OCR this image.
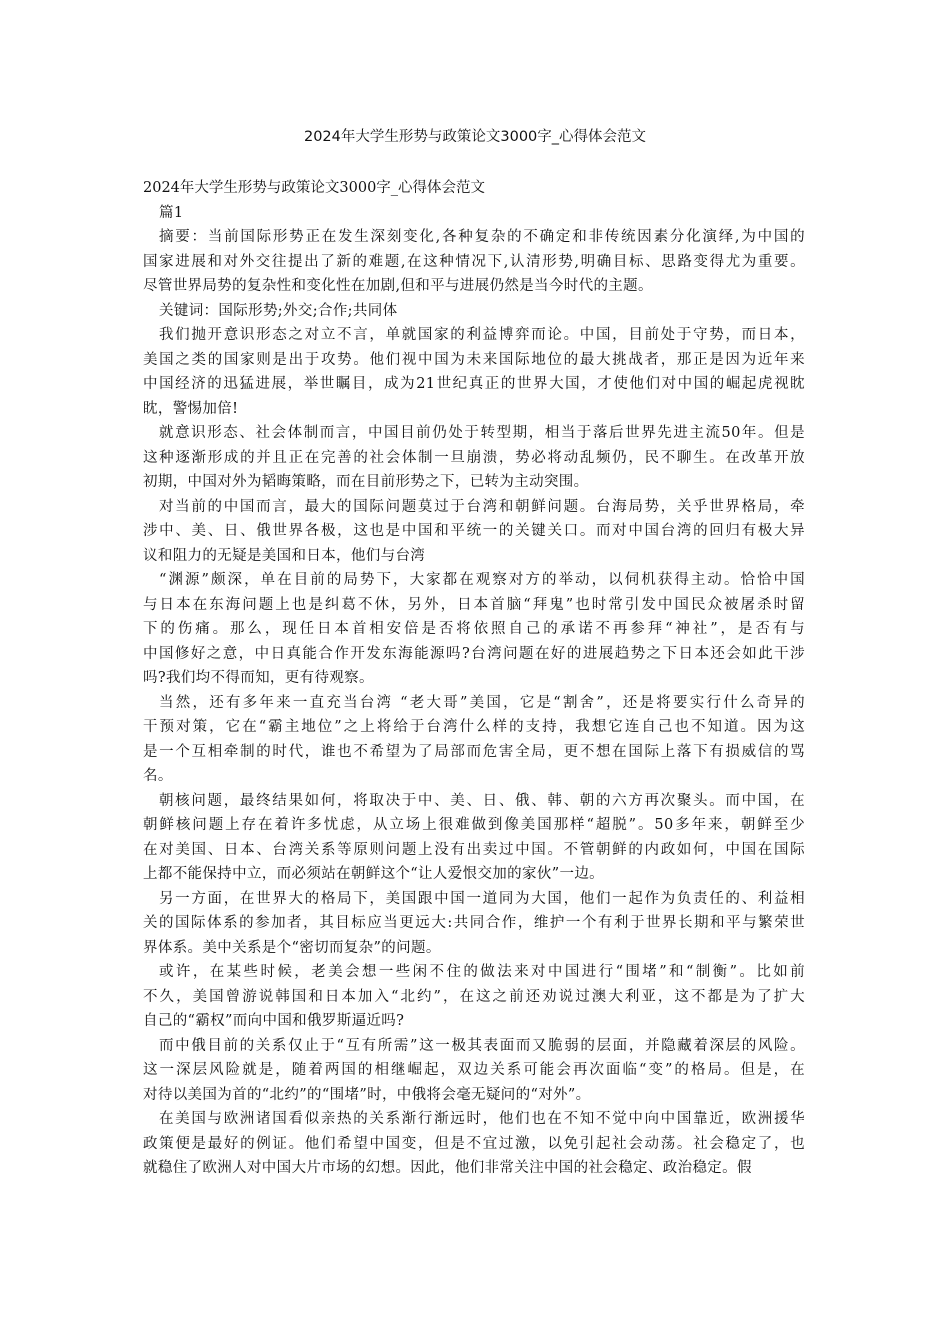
2024年大学生形势与政策论文3000字_心得体会范文

2024年大学生形势与政策论文3000字_心得体会范文

篇1

摘要：当前国际形势正在发生深刻变化,各种复杂的不确定和非传统因素分化演绎,为中国的

国家进展和对外交往提出了新的难题,在这种情况下,认清形势,明确目标、思路变得尤为重要。

尽管世界局势的复杂性和变化性在加剧,但和平与进展仍然是当今时代的主题。

关键词：国际形势;外交;合作;共同体

我们抛开意识形态之对立不言，单就国家的利益博弈而论。中国，目前处于守势，而日本，

美国之类的国家则是出于攻势。他们视中国为未来国际地位的最大挑战者，那正是因为近年来

中国经济的迅猛进展，举世瞩目，成为21世纪真正的世界大国，才使他们对中国的崛起虎视眈

眈，警惕加倍!

就意识形态、社会体制而言，中国目前仍处于转型期，相当于落后世界先进主流50年。但是

这种逐渐形成的并且正在完善的社会体制一旦崩溃，势必将动乱频仍，民不聊生。在改革开放

初期，中国对外为韬晦策略，而在目前形势之下，已转为主动突围。

对当前的中国而言，最大的国际问题莫过于台湾和朝鲜问题。台海局势，关乎世界格局，牵

涉中、美、日、俄世界各极，这也是中国和平统一的关键关口。而对中国台湾的回归有极大异

议和阻力的无疑是美国和日本，他们与台湾

“渊源”颇深，单在目前的局势下，大家都在观察对方的举动，以伺机获得主动。恰恰中国

与日本在东海问题上也是纠葛不休，另外，日本首脑“拜鬼”也时常引发中国民众被屠杀时留

下的伤痛。那么，现任日本首相安倍是否将依照自己的承诺不再参拜“神社”，是否有与

中国修好之意，中日真能合作开发东海能源吗?台湾问题在好的进展趋势之下日本还会如此干涉

吗?我们均不得而知，更有待观察。

当然，还有多年来一直充当台湾 “老大哥”美国，它是“割舍”，还是将要实行什么奇异的

干预对策，它在“霸主地位”之上将给于台湾什么样的支持，我想它连自己也不知道。因为这

是一个互相牵制的时代，谁也不希望为了局部而危害全局，更不想在国际上落下有损威信的骂

名。

朝核问题，最终结果如何，将取决于中、美、日、俄、韩、朝的六方再次聚头。而中国，在

朝鲜核问题上存在着许多忧虑，从立场上很难做到像美国那样“超脱”。50多年来，朝鲜至少

在对美国、日本、台湾关系等原则问题上没有出卖过中国。不管朝鲜的内政如何，中国在国际

上都不能保持中立，而必须站在朝鲜这个“让人爱恨交加的家伙”一边。

另一方面，在世界大的格局下，美国跟中国一道同为大国，他们一起作为负责任的、利益相

关的国际体系的参加者，其目标应当更远大:共同合作，维护一个有利于世界长期和平与繁荣世

界体系。美中关系是个“密切而复杂”的问题。

或许，在某些时候，老美会想一些闲不住的做法来对中国进行“围堵”和“制衡”。比如前

不久，美国曾游说韩国和日本加入“北约”，在这之前还劝说过澳大利亚，这不都是为了扩大

自己的“霸权”而向中国和俄罗斯逼近吗?

而中俄目前的关系仅止于“互有所需”这一极其表面而又脆弱的层面，并隐藏着深层的风险。

这一深层风险就是，随着两国的相继崛起，双边关系可能会再次面临“变”的格局。但是，在

对待以美国为首的“北约”的“围堵”时，中俄将会毫无疑问的“对外”。

在美国与欧洲诸国看似亲热的关系渐行渐远时，他们也在不知不觉中向中国靠近，欧洲援华

政策便是最好的例证。他们希望中国变，但是不宜过激，以免引起社会动荡。社会稳定了，也

就稳住了欧洲人对中国大片市场的幻想。因此，他们非常关注中国的社会稳定、政治稳定。假
